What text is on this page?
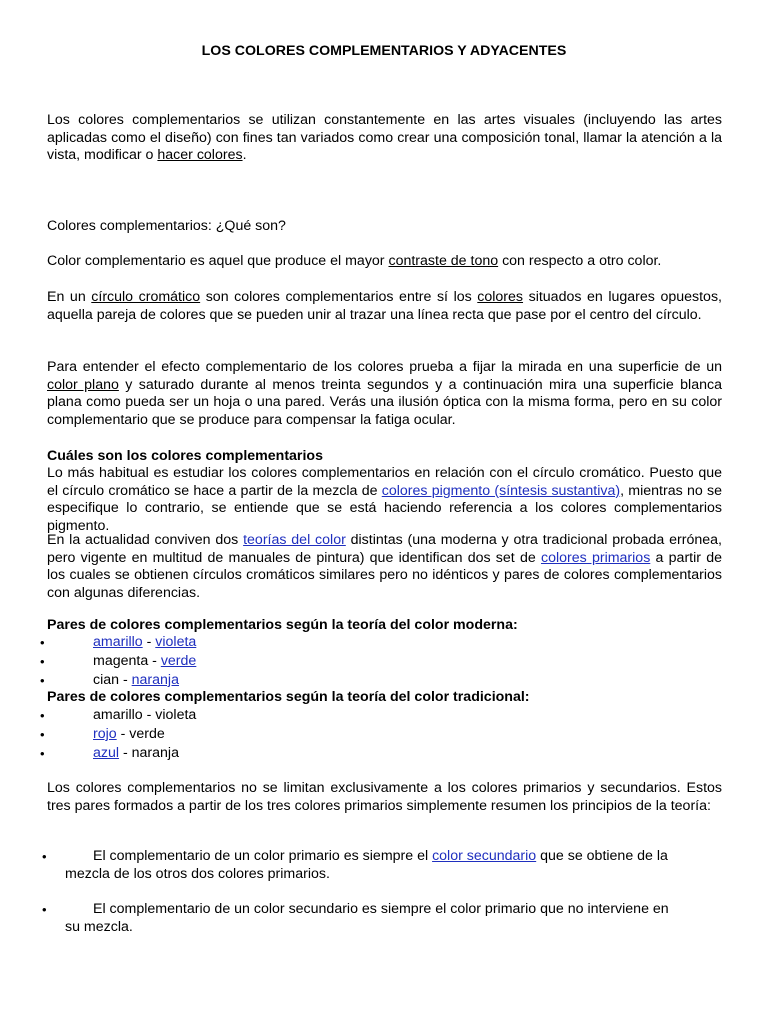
LOS COLORES COMPLEMENTARIOS Y ADYACENTES
Los colores complementarios se utilizan constantemente en las artes visuales (incluyendo las artes aplicadas como el diseño) con fines tan variados como crear una composición tonal, llamar la atención a la vista, modificar o hacer colores.
Colores complementarios: ¿Qué son?
Color complementario es aquel que produce el mayor contraste de tono con respecto a otro color.
En un círculo cromático son colores complementarios entre sí los colores situados en lugares opuestos, aquella pareja de colores que se pueden unir al trazar una línea recta que pase por el centro del círculo.
Para entender el efecto complementario de los colores prueba a fijar la mirada en una superficie de un color plano y saturado durante al menos treinta segundos y a continuación mira una superficie blanca plana como pueda ser un hoja o una pared. Verás una ilusión óptica con la misma forma, pero en su color complementario que se produce para compensar la fatiga ocular.
Cuáles son los colores complementarios
Lo más habitual es estudiar los colores complementarios en relación con el círculo cromático. Puesto que el círculo cromático se hace a partir de la mezcla de colores pigmento (síntesis sustantiva), mientras no se especifique lo contrario, se entiende que se está haciendo referencia a los colores complementarios pigmento.
En la actualidad conviven dos teorías del color distintas (una moderna y otra tradicional probada errónea, pero vigente en multitud de manuales de pintura) que identifican dos set de colores primarios a partir de los cuales se obtienen círculos cromáticos similares pero no idénticos y pares de colores complementarios con algunas diferencias.
Pares de colores complementarios según la teoría del color moderna:
•	amarillo - violeta
•	magenta - verde
•	cian - naranja
Pares de colores complementarios según la teoría del color tradicional:
•	amarillo - violeta
•	rojo - verde
•	azul - naranja
Los colores complementarios no se limitan exclusivamente a los colores primarios y secundarios. Estos tres pares formados a partir de los tres colores primarios simplemente resumen los principios de la teoría:
•	El complementario de un color primario es siempre el color secundario que se obtiene de la
mezcla de los otros dos colores primarios.
•	El complementario de un color secundario es siempre el color primario que no interviene en
su mezcla.
